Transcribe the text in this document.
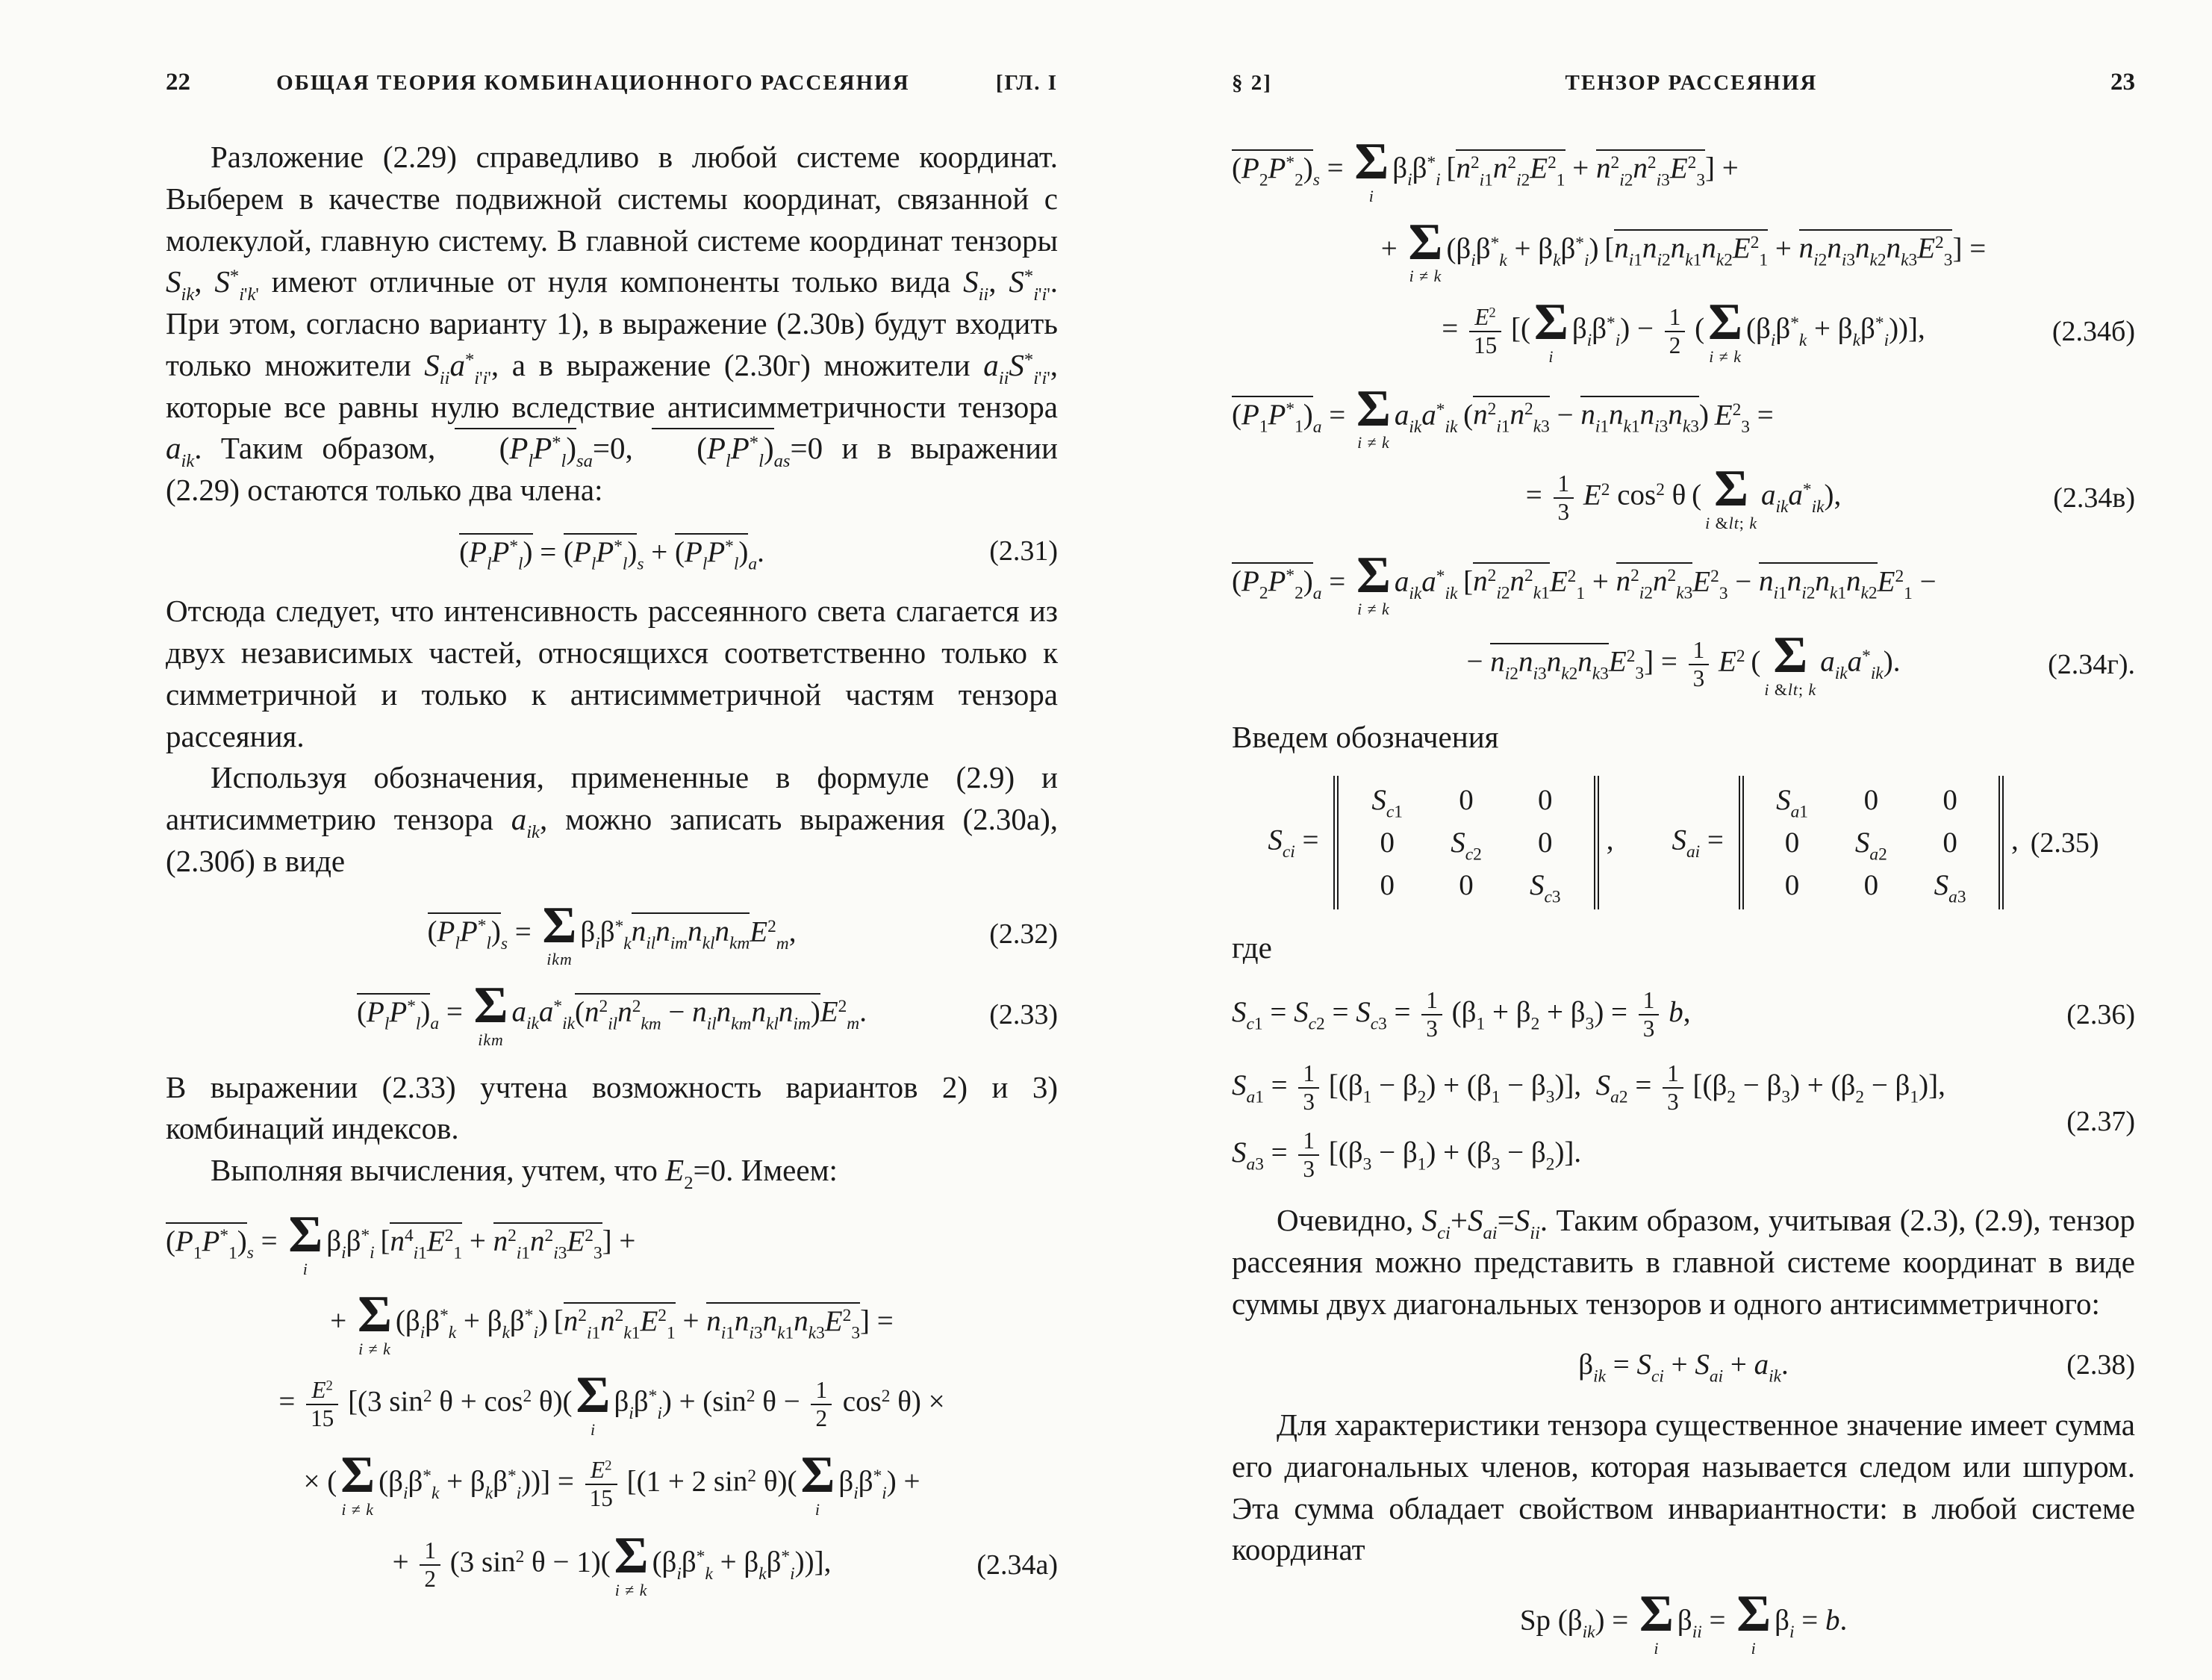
22	ОБЩАЯ ТЕОРИЯ КОМБИНАЦИОННОГО РАССЕЯНИЯ	[ГЛ. I

Разложение (2.29) справедливо в любой системе координат. Выберем в качестве подвижной системы координат, связанной с молекулой, главную систему. В главной системе координат тензоры $S_{ik}$, $S^*_{i'k'}$ имеют отличные от нуля компоненты только вида $S_{ii}$, $S^*_{i'i'}$. При этом, согласно варианту 1), в выражение (2.30в) будут входить только множители $S_{ii}a^*_{i'i'}$, а в выражение (2.30г) множители $a_{ii}S^*_{i'i'}$, которые все равны нулю вследствие антисимметричности тензора $a_{ik}$. Таким образом, $(P_lP^*_l)_{sa}=0$, $(P_lP^*_l)_{as}=0$ и в выражении (2.29) остаются только два члена:

$(P_lP^*_l) = (P_lP^*_l)_s + (P_lP^*_l)_a$.	(2.31)

Отсюда следует, что интенсивность рассеянного света слагается из двух независимых частей, относящихся соответственно только к симметричной и только к антисимметричной частям тензора рассеяния.

Используя обозначения, примененные в формуле (2.9) и антисимметрию тензора $a_{ik}$, можно записать выражения (2.30а), (2.30б) в виде

$(P_lP^*_l)_s = \Sigma$
ikm
$\beta_i\beta^*_kn_{il}n_{im}n_{kl}n_{km}E^2_m$,	(2.32)
$(P_lP^*_l)_a = \Sigma$
ikm
$a_{ik}a^*_{ik}(n^2_{il}n^2_{km} - n_{il}n_{km}n_{kl}n_{im})E^2_m$.	(2.33)

В выражении (2.33) учтена возможность вариантов 2) и 3) комбинаций индексов.

Выполняя вычисления, учтем, что $E_2=0$. Имеем:

$(P_1P^*_1)_s = \Sigma$
i
$\beta_i\beta^*_i$ $[n^4_{i1}E^2_1 + n^2_{i1}n^2_{i3}E^2_3]$ +
+ Σ
i ≠ k
$(\beta_i\beta^*_k + \beta_k\beta^*_i) [n^2_{i1}n^2_{k1}E^2_1 + n_{i1}n_{i3}n_{k1}n_{k3}E^2_3]$ =
= $\frac{E^2}{15} [(3$ $\sin^2 \theta + \cos^2 \theta$)( Σ
i
$\beta_i\beta^*_i) + (\sin^2$ $\theta - \frac{1}{2} \cos^2 \theta$) ×
× ( Σ
i ≠ k
$(\beta_i\beta^*_k + \beta_k\beta^*_i))] = \frac{E^2}{15} [(1 + 2$ $\sin^2 \theta$)( Σ
i
$\beta_i\beta^*_i$) +
+ $\frac{1}{2} (3$ $\sin^2 \theta - 1$)( Σ
i ≠ k
$(\beta_i\beta^*_k + \beta_k\beta^*_i)$)],	(2.34а)
§ 2]	ТЕНЗОР РАССЕЯНИЯ	23
$(P_2P^*_2)_s = \Sigma$
i
$\beta_i\beta^*_i$ $[n^2_{i1}n^2_{i2}E^2_1 + n^2_{i2}n^2_{i3}E^2_3]$ +
+ Σ
i ≠ k
$(\beta_i\beta^*_k + \beta_k\beta^*_i) [n_{i1}n_{i2}n_{k1}n_{k2}E^2_1 + n_{i2}n_{i3}n_{k2}n_{k3}E^2_3]$ =
= $\frac{E^2}{15}$  [( Σ
i
$\beta_i\beta^*_i) - \frac{1}{2}$  ( Σ
i ≠ k
$(\beta_i\beta^*_k + \beta_k\beta^*_i)$)],	(2.34б)
$(P_1P^*_1)_a = \Sigma$
i ≠ k
$a_{ik}a^*_{ik}$ $(n^2_{i1}n^2_{k3} - n_{i1}n_{k1}n_{i3}n_{k3}) E^2_3$ =
= $\frac{1}{3}$
  $E^2$ $\cos^2 \theta$ ( Σ
i &lt; k
$a_{ik}a^*_{ik}$),	(2.34в)
$(P_2P^*_2)_a = \Sigma$
i ≠ k
$a_{ik}a^*_{ik}$ [$n^2_{i2}n^2_{k1}E^2_1 + n^2_{i2}n^2_{k3}E^2_3 - n_{i1}n_{i2}n_{k1}n_{k2}E^2_1$ −
− $n_{i2}n_{i3}n_{k2}n_{k3}E^2_3] = \frac{1}{3}$
  $E^2$ ( Σ
i &lt; k
$a_{ik}a^*_{ik}$).	(2.34г).

Введем обозначения

$S_{ci}$ =
$S_{c1}$	0	0
0	$S_{c2}$	0
0	0	$S_{c3}$
,  $S_{ai}$ =
$S_{a1}$	0	0
0	$S_{a2}$	0
0	0	$S_{a3}$
, (2.35)

где

$S_{c1} = S_{c2} = S_{c3} = \frac{1}{3} (\beta_1 + \beta_2 + \beta_3) = \frac{1}{3}$
  b,	(2.36)
$S_{a1} = \frac{1}{3} [(\beta_1 - \beta_2) + (\beta_1 - \beta_3)]$, $S_{a2} = \frac{1}{3} [(\beta_2 - \beta_3) + (\beta_2 - \beta_1)]$,
$S_{a3} = \frac{1}{3} [(\beta_3 - \beta_1) + (\beta_3 - \beta_2)]$.
(2.37)

Очевидно, $S_{ci}+S_{ai}=S_{ii}$. Таким образом, учитывая (2.3), (2.9), тензор рассеяния можно представить в главной системе координат в виде суммы двух диагональных тензоров и одного антисимметричного:

$\beta_{ik} = S_{ci} + S_{ai} + a_{ik}$.	(2.38)

Для характеристики тензора существенное значение имеет сумма его диагональных членов, которая называется следом или шпуром. Эта сумма обладает свойством инвариантности: в любой системе координат

Sp $(\beta_{ik}) = \Sigma$
i
$\beta_{ii} = \Sigma$
i
$\beta_i = b$.
